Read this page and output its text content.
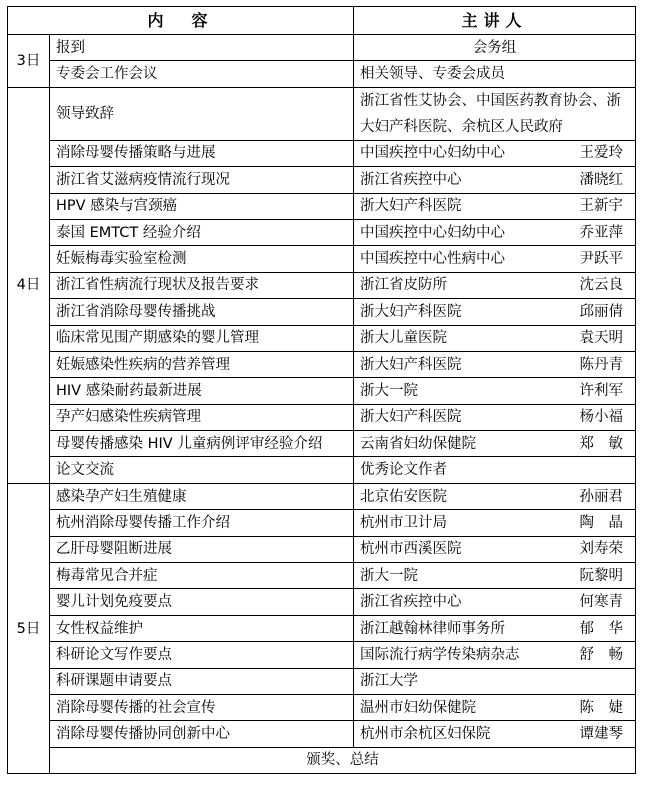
内　容		主讲人
3日	报到	会务组
	专委会工作会议	相关领导、专委会成员
4日	领导致辞	浙江省性艾协会、中国医药教育协会、浙大妇产科医院、余杭区人民政府
	消除母婴传播策略与进展	中国疾控中心妇幼中心 王爱玲

	浙江省艾滋病疫情流行现况	浙江省疾控中心 潘晓红

	HPV 感染与宫颈癌	浙大妇产科医院 王新宇

	泰国 EMTCT 经验介绍	中国疾控中心妇幼中心 乔亚萍

	妊娠梅毒实验室检测	中国疾控中心性病中心 尹跃平

	浙江省性病流行现状及报告要求	浙江省皮防所 沈云良

	浙江省消除母婴传播挑战	浙大妇产科医院 邱丽倩

	临床常见围产期感染的婴儿管理	浙大儿童医院 袁天明

	妊娠感染性疾病的营养管理	浙大妇产科医院 陈丹青

	HIV 感染耐药最新进展	浙大一院 许利军

	孕产妇感染性疾病管理	浙大妇产科医院 杨小福

	母婴传播感染 HIV 儿童病例评审经验介绍	云南省妇幼保健院 郑　敏

	论文交流	优秀论文作者
5日	感染孕产妇生殖健康	北京佑安医院 孙丽君

	杭州消除母婴传播工作介绍	杭州市卫计局 陶　晶

	乙肝母婴阻断进展	杭州市西溪医院 刘寿荣

	梅毒常见合并症	浙大一院 阮黎明

	婴儿计划免疫要点	浙江省疾控中心 何寒青

	女性权益维护	浙江越翰林律师事务所 郁　华

	科研论文写作要点	国际流行病学传染病杂志 舒　畅

	科研课题申请要点	浙江大学
	消除母婴传播的社会宣传	温州市妇幼保健院 陈　婕

	消除母婴传播协同创新中心	杭州市余杭区妇保院 谭建琴

	颁奖、总结	
